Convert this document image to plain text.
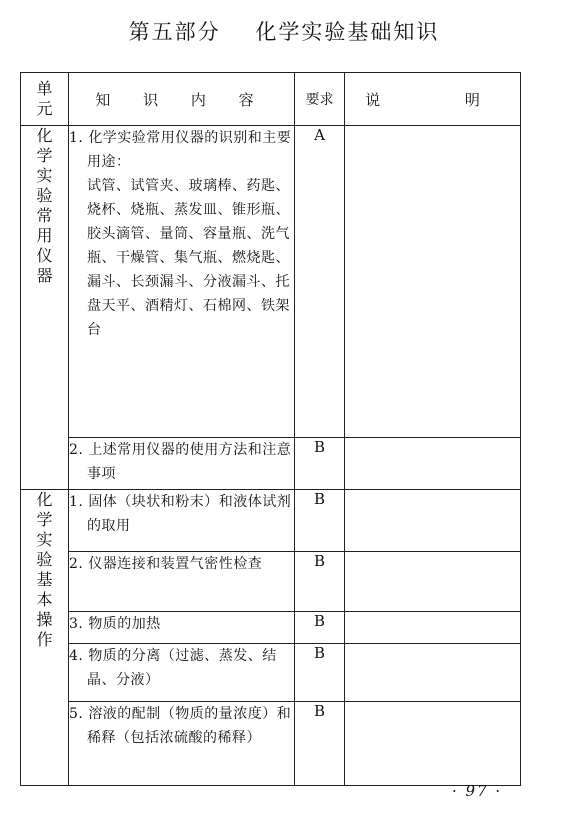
第五部分    化学实验基础知识
单元	知 识 内 容	要求	说 明
化学实验常用仪器	1. 化学实验常用仪器的识别和主要用途：
试管、试管夹、玻璃棒、药匙、烧杯、烧瓶、蒸发皿、锥形瓶、胶头滴管、量筒、容量瓶、洗气瓶、干燥管、集气瓶、燃烧匙、漏斗、长颈漏斗、分液漏斗、托盘天平、酒精灯、石棉网、铁架台	A	

	2. 上述常用仪器的使用方法和注意事项	B	
化学实验基本操作	1. 固体（块状和粉末）和液体试剂的取用	B	

	2. 仪器连接和装置气密性检查	B	

	3. 物质的加热	B	

	4. 物质的分离（过滤、蒸发、结晶、分液）	B	

	5. 溶液的配制（物质的量浓度）和稀释（包括浓硫酸的稀释）	B	
· 97 ·
